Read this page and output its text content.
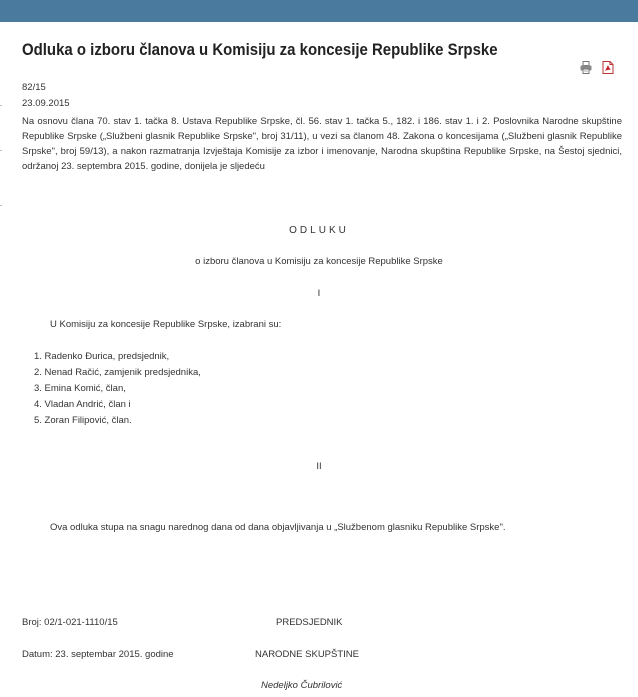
Odluka o izboru članova u Komisiju za koncesije Republike Srpske
82/15
23.09.2015

Na osnovu člana 70. stav 1. tačka 8. Ustava Republike Srpske, čl. 56. stav 1. tačka 5., 182. i 186. stav 1. i 2. Poslovnika Narodne skupštine Republike Srpske („Službeni glasnik Republike Srpske", broj 31/11), u vezi sa članom 48. Zakona o koncesijama („Službeni glasnik Republike Srpske", broj 59/13), a nakon razmatranja Izvještaja Komisije za izbor i imenovanje, Narodna skupština Republike Srpske, na Šestoj sjednici, održanoj 23. septembra 2015. godine, donijela je sljedeću

ODLUKU
o izboru članova u Komisiju za koncesije Republike Srpske
I
U Komisiju za koncesije Republike Srpske, izabrani su:
1. Radenko Đurica, predsjednik,
2. Nenad Račić, zamjenik predsjednika,
3. Emina Komić, član,
4. Vladan Andrić, član i
5. Zoran Filipović, član.
II
Ova odluka stupa na snagu narednog dana od dana objavljivanja u „Službenom glasniku Republike Srpske".
Broj: 02/1-021-1110/15	PREDSJEDNIK
Datum: 23. septembar 2015. godine	NARODNE SKUPŠTINE
Nedeljko Čubrilović
